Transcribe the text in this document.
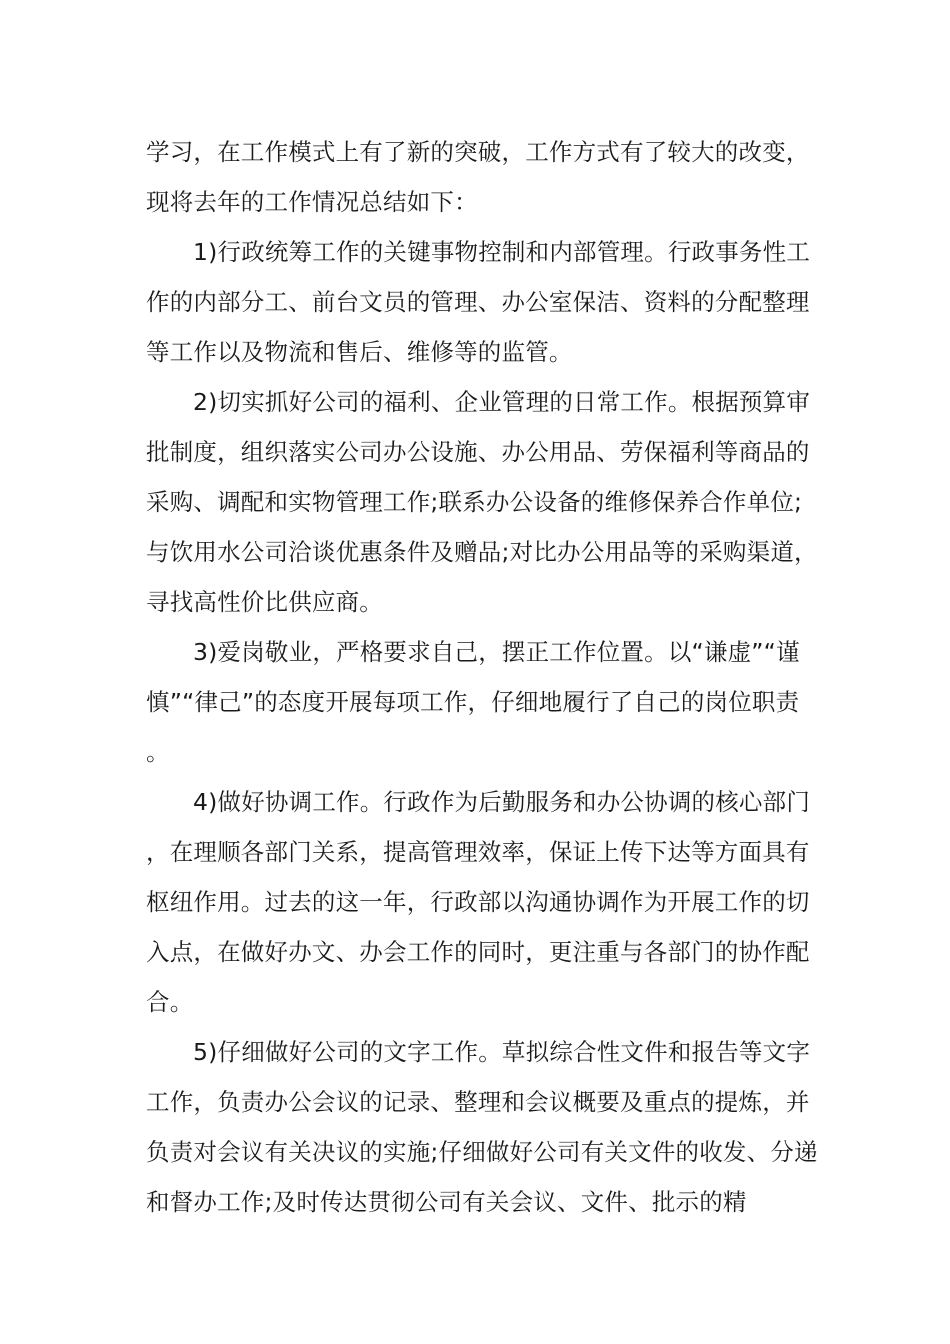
学习，在工作模式上有了新的突破，工作方式有了较大的改变，现将去年的工作情况总结如下：

1)行政统筹工作的关键事物控制和内部管理。行政事务性工作的内部分工、前台文员的管理、办公室保洁、资料的分配整理等工作以及物流和售后、维修等的监管。

2)切实抓好公司的福利、企业管理的日常工作。根据预算审批制度，组织落实公司办公设施、办公用品、劳保福利等商品的采购、调配和实物管理工作;联系办公设备的维修保养合作单位;与饮用水公司洽谈优惠条件及赠品;对比办公用品等的采购渠道，寻找高性价比供应商。

3)爱岗敬业，严格要求自己，摆正工作位置。以“谦虚”“谨慎”“律己”的态度开展每项工作，仔细地履行了自己的岗位职责。

4)做好协调工作。行政作为后勤服务和办公协调的核心部门，在理顺各部门关系，提高管理效率，保证上传下达等方面具有枢纽作用。过去的这一年，行政部以沟通协调作为开展工作的切入点，在做好办文、办会工作的同时，更注重与各部门的协作配合。

5)仔细做好公司的文字工作。草拟综合性文件和报告等文字工作，负责办公会议的记录、整理和会议概要及重点的提炼，并负责对会议有关决议的实施;仔细做好公司有关文件的收发、分递和督办工作;及时传达贯彻公司有关会议、文件、批示的精
